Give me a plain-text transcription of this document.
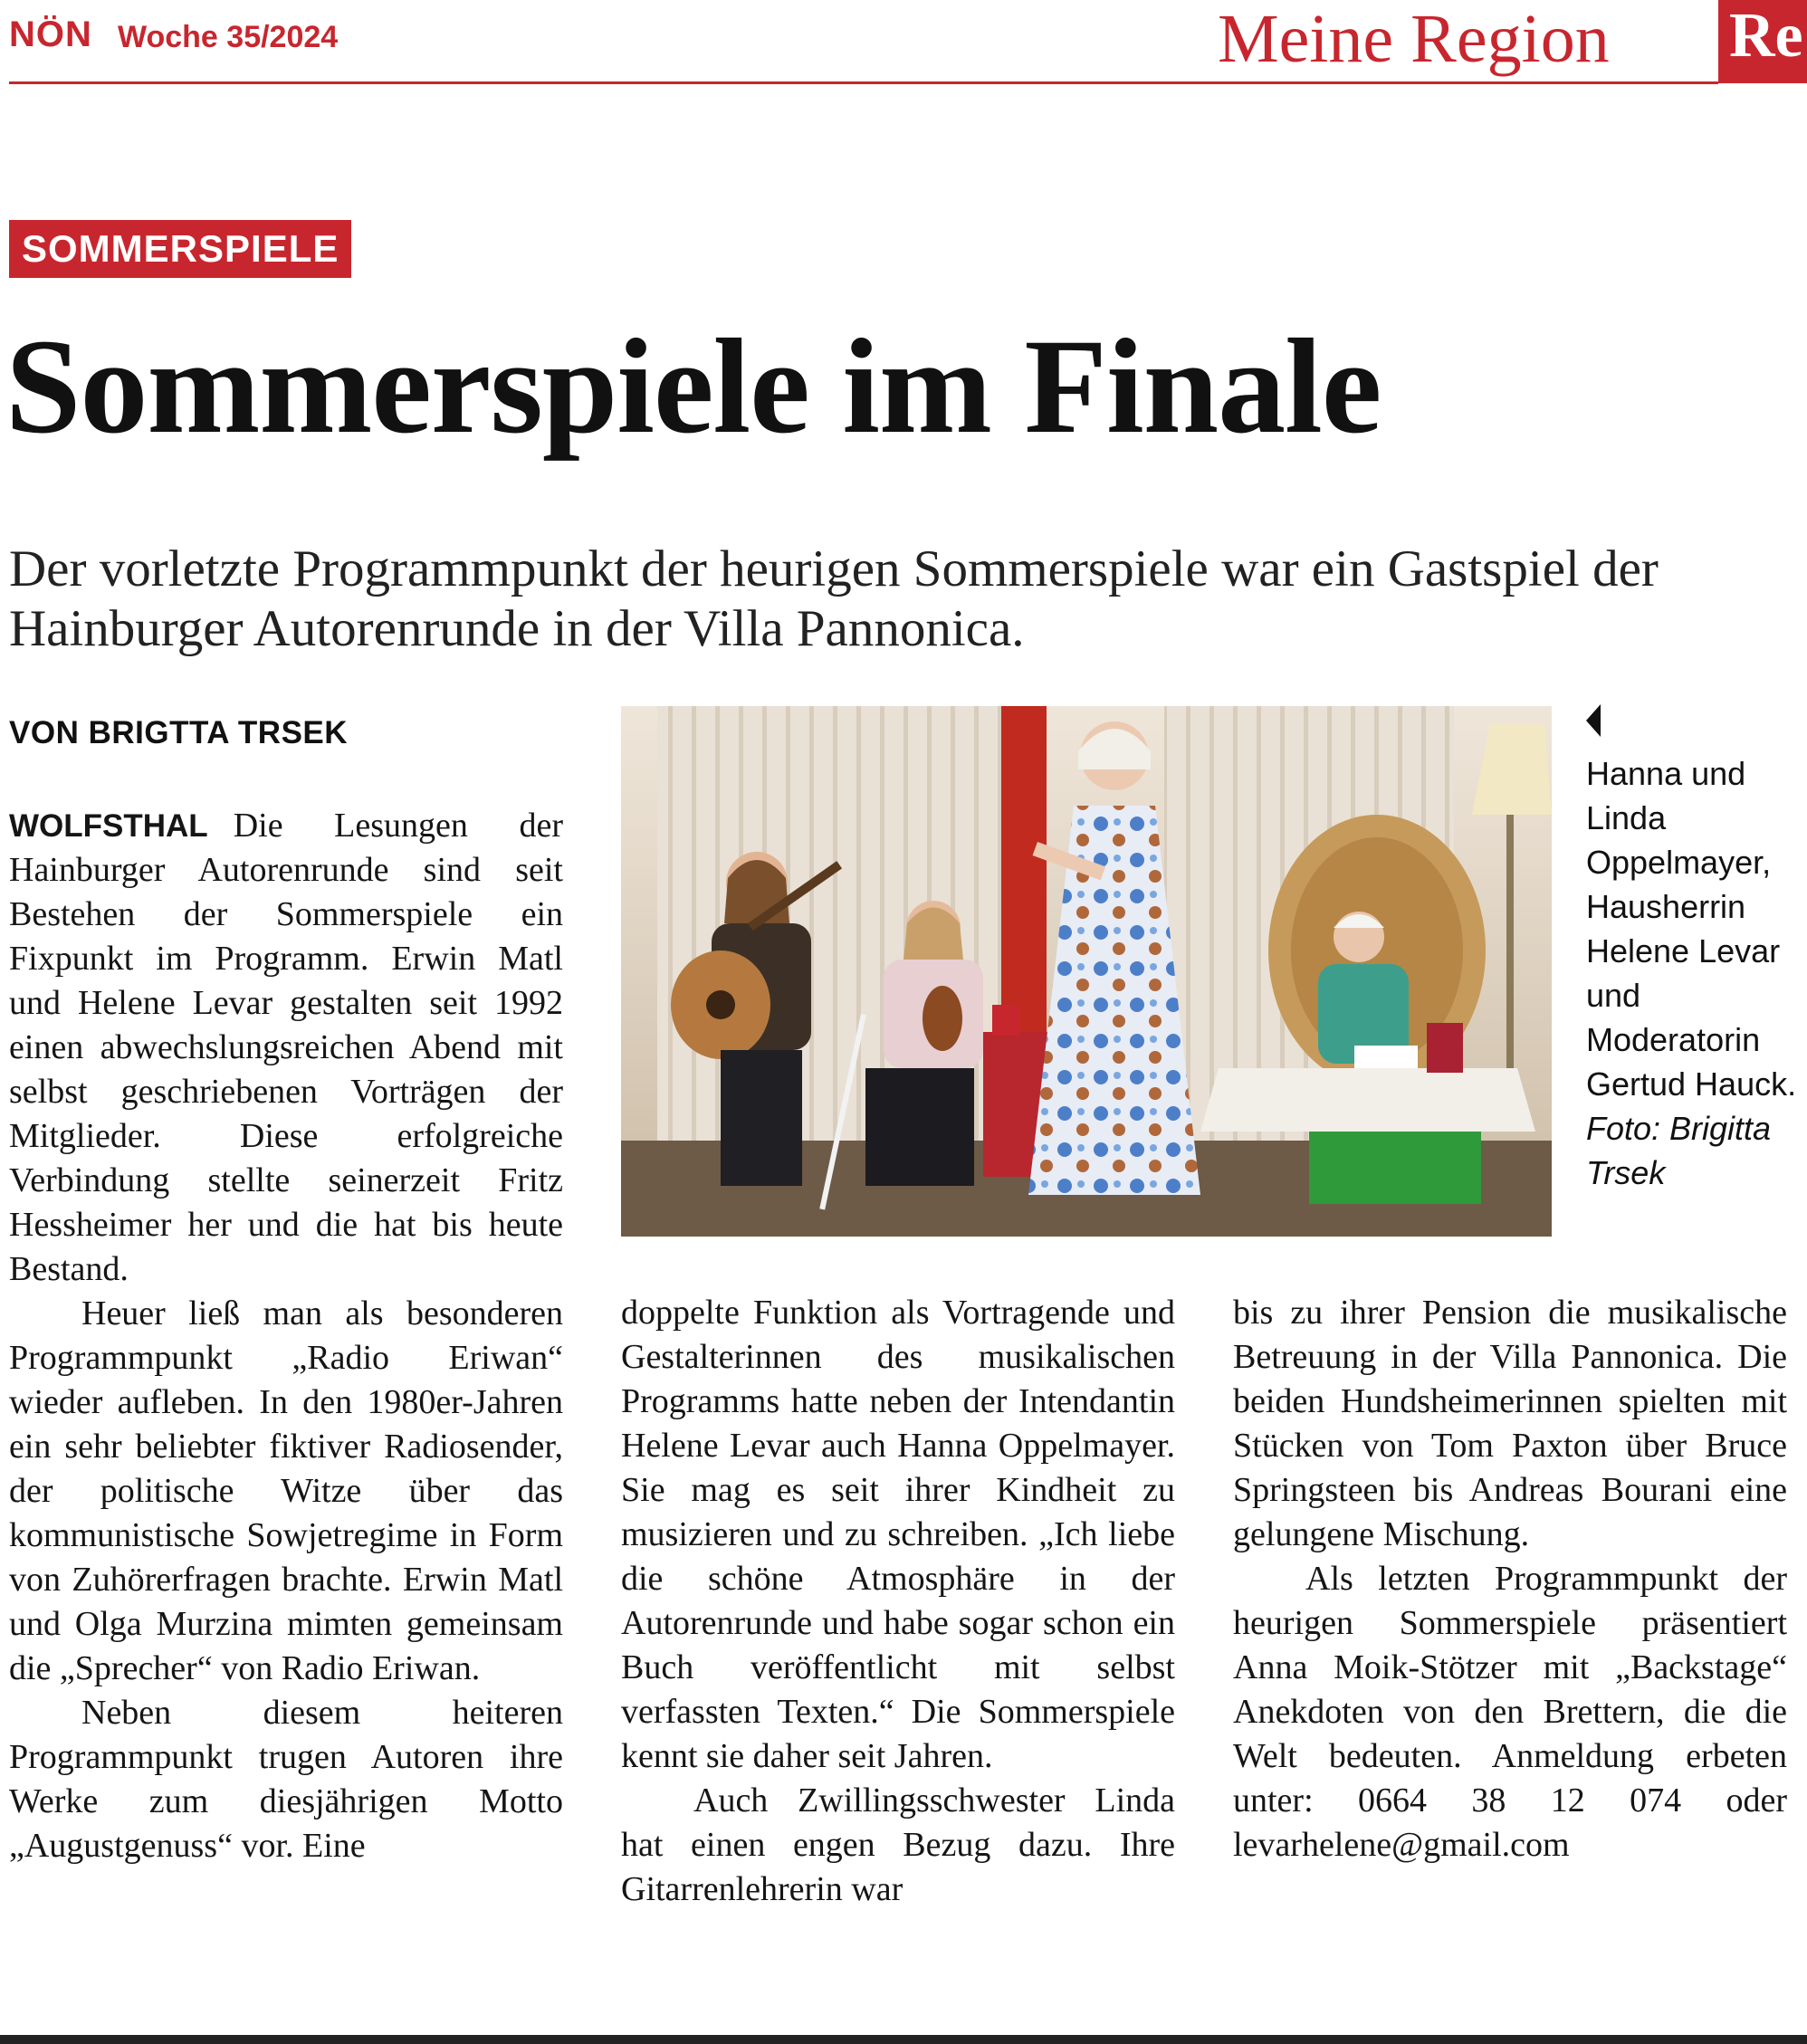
NÖN Woche 35/2024	Meine Region Re
SOMMERSPIELE
Sommerspiele im Finale
Der vorletzte Programmpunkt der heurigen Sommerspiele war ein Gastspiel der Hainburger Autorenrunde in der Villa Pannonica.
VON BRIGTTA TRSEK

WOLFSTHAL Die Lesungen der Hainburger Autorenrunde sind seit Bestehen der Sommerspiele ein Fixpunkt im Programm. Erwin Matl und Helene Levar gestalten seit 1992 einen abwechslungsreichen Abend mit selbst geschriebenen Vorträgen der Mitglieder. Diese erfolgreiche Verbindung stellte seinerzeit Fritz Hessheimer her und die hat bis heute Bestand.

Heuer ließ man als besonderen Programmpunkt „Radio Eriwan“ wieder aufleben. In den 1980er-Jahren ein sehr beliebter fiktiver Radiosender, der politische Witze über das kommunistische Sowjetregime in Form von Zuhörerfragen brachte. Erwin Matl und Olga Murzina mimten gemeinsam die „Sprecher“ von Radio Eriwan.

Neben diesem heiteren Programmpunkt trugen Autoren ihre Werke zum diesjährigen Motto „Augustgenuss“ vor. Eine

Hanna und Linda Oppelmayer, Hausherrin Helene Levar und Moderatorin Gertud Hauck.
Foto: Brigitta Trsek

doppelte Funktion als Vortragende und Gestalterinnen des musikalischen Programms hatte neben der Intendantin Helene Levar auch Hanna Oppelmayer. Sie mag es seit ihrer Kindheit zu musizieren und zu schreiben. „Ich liebe die schöne Atmosphäre in der Autorenrunde und habe sogar schon ein Buch veröffentlicht mit selbst verfassten Texten.“ Die Sommerspiele kennt sie daher seit Jahren.

Auch Zwillingsschwester Linda hat einen engen Bezug dazu. Ihre Gitarrenlehrerin war

bis zu ihrer Pension die musikalische Betreuung in der Villa Pannonica. Die beiden Hundsheimerinnen spielten mit Stücken von Tom Paxton über Bruce Springsteen bis Andreas Bourani eine gelungene Mischung.

Als letzten Programmpunkt der heurigen Sommerspiele präsentiert Anna Moik-Stötzer mit „Backstage“ Anekdoten von den Brettern, die die Welt bedeuten. Anmeldung erbeten unter: 0664 38 12 074 oder levarhelene@gmail.com
